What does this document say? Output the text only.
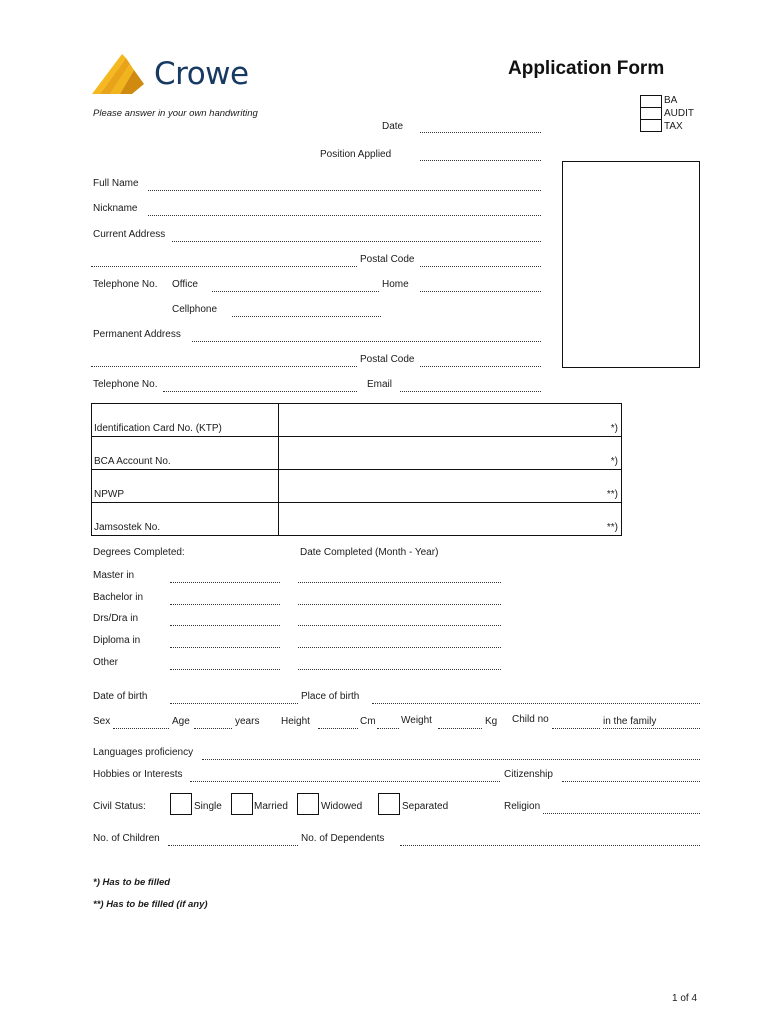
Crowe	Application Form
BA
AUDIT
TAX
Please answer in your own handwriting
Date
Position Applied
Full Name
Nickname
Current Address
Postal Code
Telephone No. Office	Home
Cellphone
Permanent Address
Postal Code
Telephone No.	Email
Identification Card No. (KTP)	*)
BCA Account No.	*)
NPWP	**)
Jamsostek No.	**)
Degrees Completed:	Date Completed (Month - Year)
Master in
Bachelor in
Drs/Dra in
Diploma in
Other
Date of birth	Place of birth
Sex	Age	years Height	Cm	Weight	Kg Child no	in the family
Languages proficiency
Hobbies or Interests	Citizenship
Civil Status:	Single	Married	Widowed	Separated	Religion
No. of Children	No. of Dependents
*) Has to be filled
**) Has to be filled (if any)
1 of 4
